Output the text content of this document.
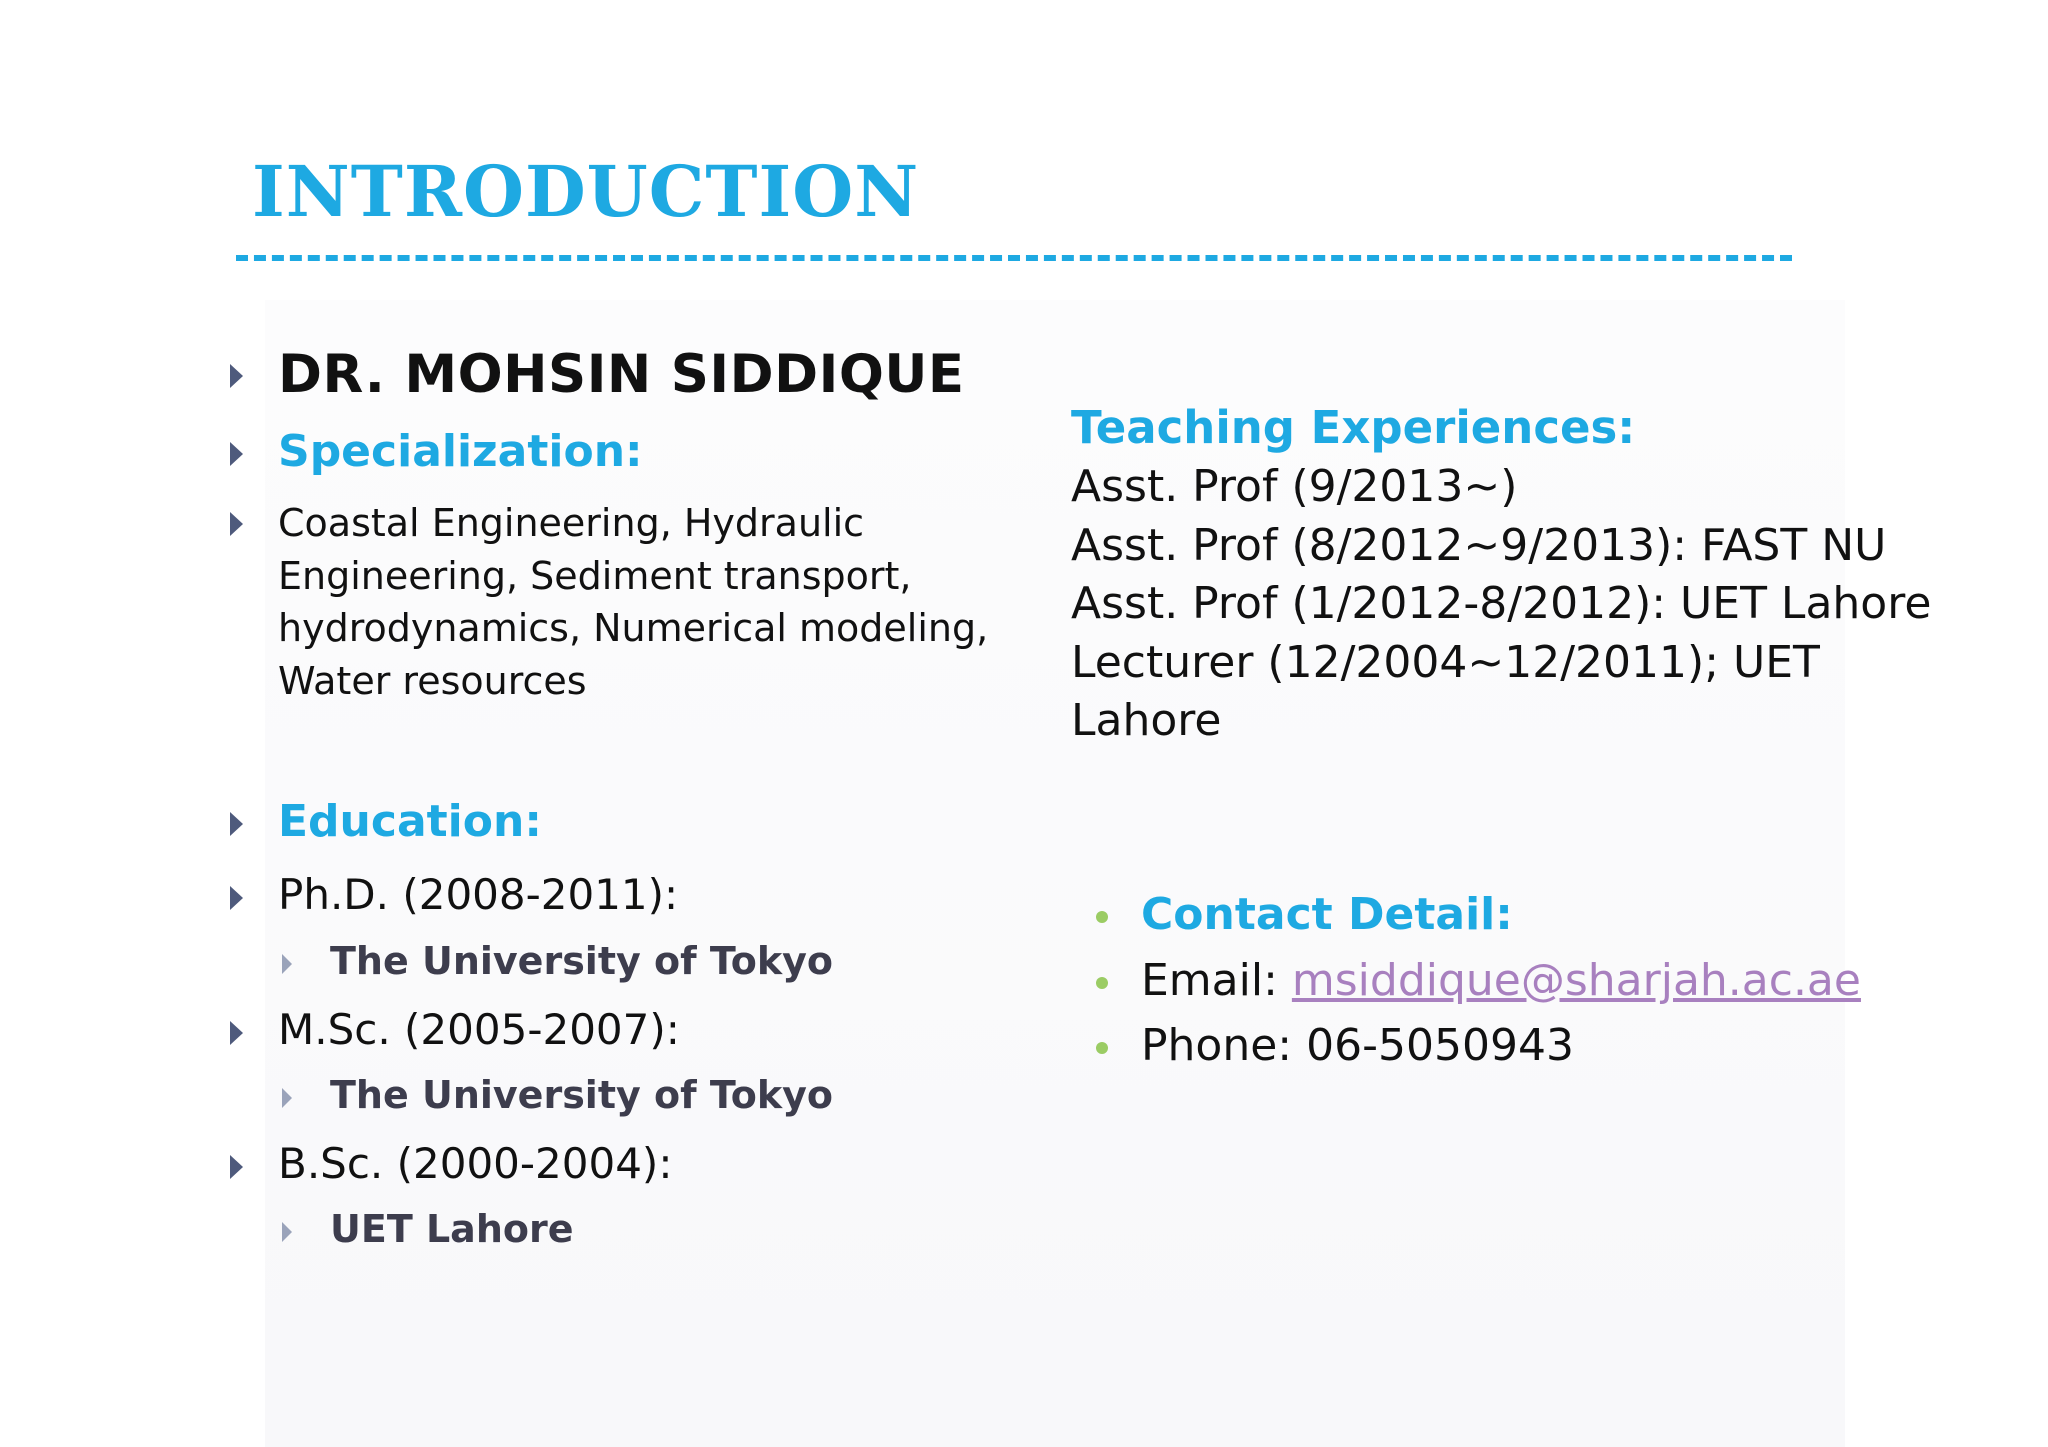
INTRODUCTION
DR. MOHSIN SIDDIQUE
Specialization:
Coastal Engineering, Hydraulic
Engineering, Sediment transport,
hydrodynamics, Numerical modeling,
Water resources
Education:
Ph.D. (2008-2011):
The University of Tokyo
M.Sc. (2005-2007):
The University of Tokyo
B.Sc. (2000-2004):
UET Lahore
Teaching Experiences:
Asst. Prof (9/2013~)
Asst. Prof (8/2012~9/2013): FAST NU
Asst. Prof (1/2012-8/2012): UET Lahore
Lecturer (12/2004~12/2011); UET
Lahore
Contact Detail:
Email: msiddique@sharjah.ac.ae
Phone: 06-5050943
